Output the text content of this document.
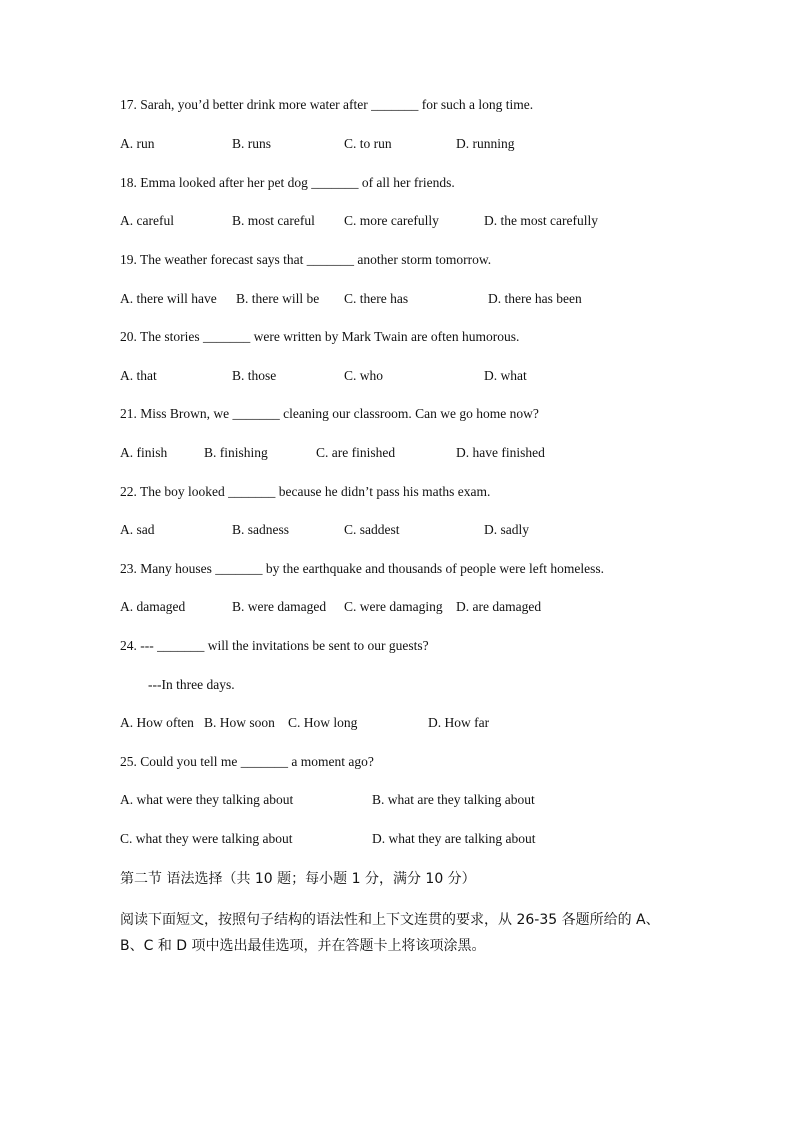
17. Sarah, you’d better drink more water after _______ for such a long time.
A. run	B. runs	C. to run	D. running
18. Emma looked after her pet dog _______ of all her friends.
A. careful	B. most careful C. more carefully	D. the most carefully
19. The weather forecast says that _______ another storm tomorrow.
A. there will have B. there will be C. there has	D. there has been
20. The stories _______ were written by Mark Twain are often humorous.
A. that	B. those	C. who	D. what
21. Miss Brown, we _______ cleaning our classroom. Can we go home now?
A. finish	B. finishing	C. are finished	D. have finished
22. The boy looked _______ because he didn’t pass his maths exam.
A. sad	B. sadness	C. saddest	D. sadly
23. Many houses _______ by the earthquake and thousands of people were left homeless.
A. damaged	B. were damaged C. were damaging D. are damaged
24. --- _______ will the invitations be sent to our guests?
---In three days.
A. How often B. How soon C. How long	D. How far
25. Could you tell me _______ a moment ago?
A. what were they talking about	B. what are they talking about
C. what they were talking about	D. what they are talking about
第二节 语法选择（共 10 题；每小题 1 分，满分 10 分）
阅读下面短文，按照句子结构的语法性和上下文连贯的要求，从 26-35 各题所给的 A、
B、C 和 D 项中选出最佳选项，并在答题卡上将该项涂黑。
